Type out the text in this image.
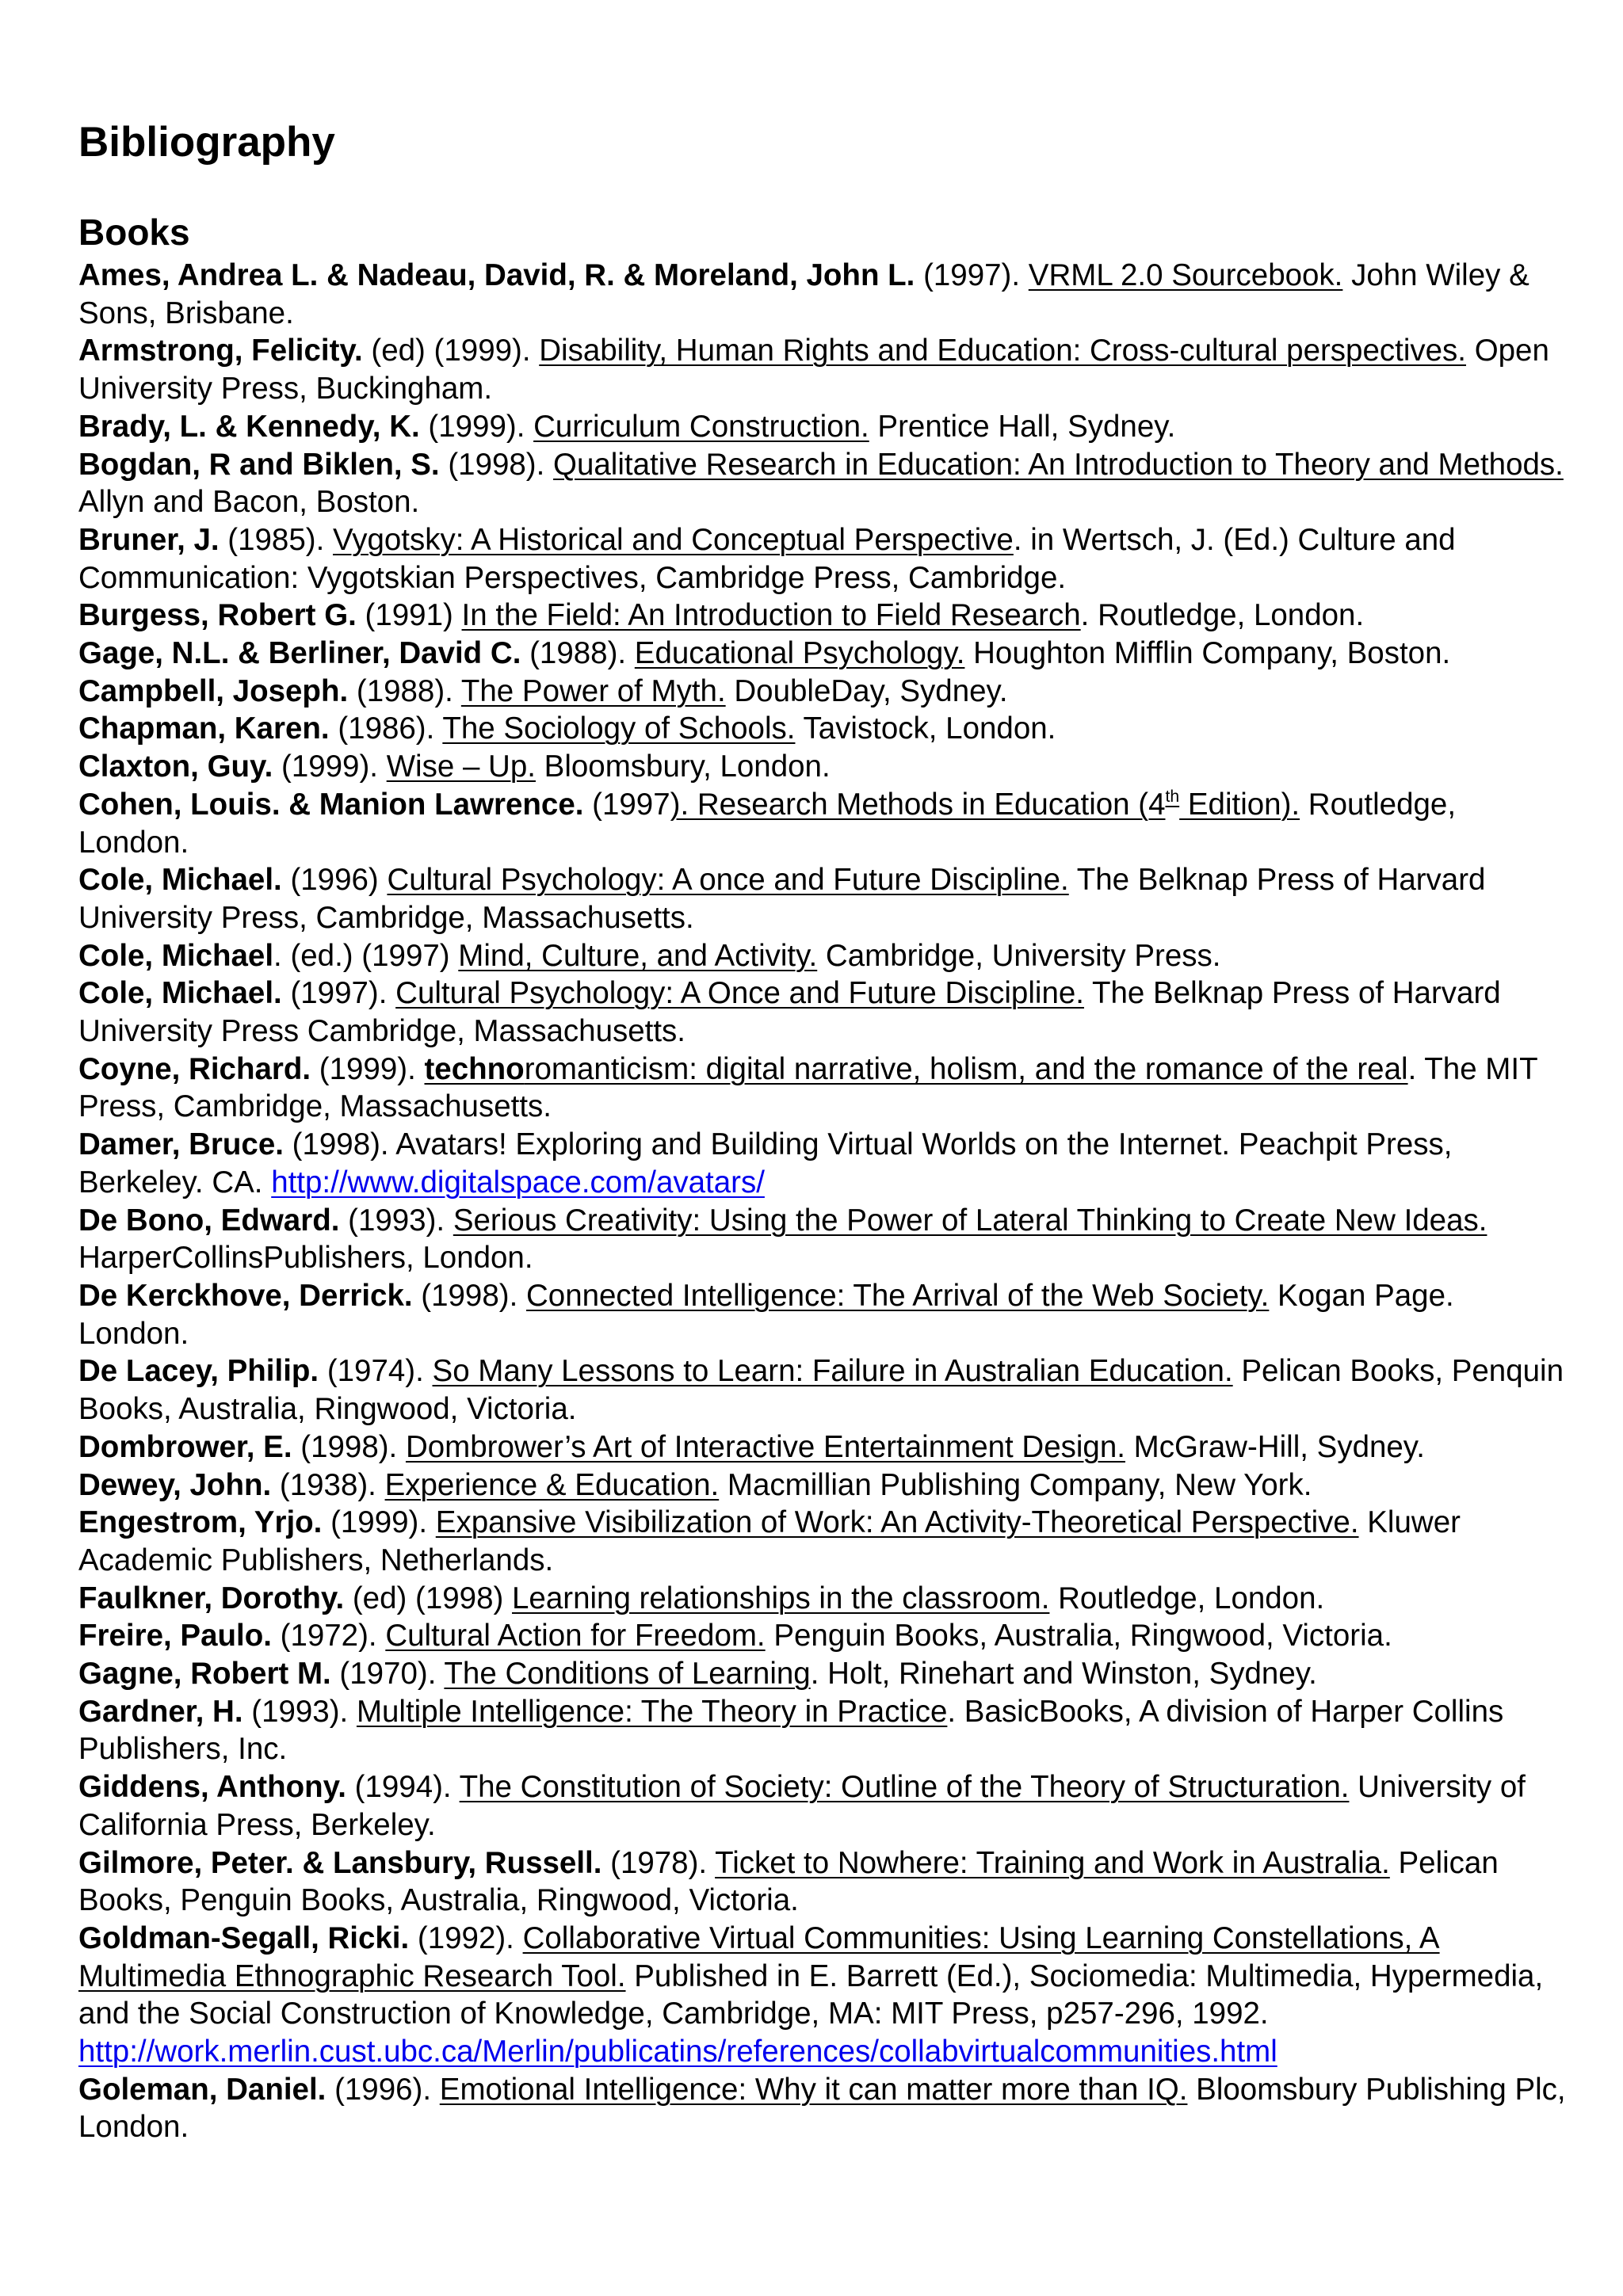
Bibliography
Books

Ames, Andrea L. & Nadeau, David, R. & Moreland, John L. (1997). VRML 2.0 Sourcebook. John Wiley & Sons, Brisbane.

Armstrong, Felicity. (ed) (1999). Disability, Human Rights and Education: Cross-cultural perspectives. Open University Press, Buckingham.

Brady, L. & Kennedy, K. (1999). Curriculum Construction. Prentice Hall, Sydney.

Bogdan, R and Biklen, S. (1998). Qualitative Research in Education: An Introduction to Theory and Methods. Allyn and Bacon, Boston.

Bruner, J. (1985). Vygotsky: A Historical and Conceptual Perspective. in Wertsch, J. (Ed.) Culture and Communication: Vygotskian Perspectives, Cambridge Press, Cambridge.

Burgess, Robert G. (1991) In the Field: An Introduction to Field Research. Routledge, London.

Gage, N.L. & Berliner, David C. (1988). Educational Psychology. Houghton Mifflin Company, Boston.

Campbell, Joseph. (1988). The Power of Myth. DoubleDay, Sydney.

Chapman, Karen. (1986). The Sociology of Schools. Tavistock, London.

Claxton, Guy. (1999). Wise – Up. Bloomsbury, London.

Cohen, Louis. & Manion Lawrence. (1997). Research Methods in Education (4th Edition). Routledge, London.

Cole, Michael. (1996) Cultural Psychology: A once and Future Discipline. The Belknap Press of Harvard University Press, Cambridge, Massachusetts.

Cole, Michael. (ed.) (1997) Mind, Culture, and Activity. Cambridge, University Press.

Cole, Michael. (1997). Cultural Psychology: A Once and Future Discipline. The Belknap Press of Harvard University Press Cambridge, Massachusetts.

Coyne, Richard. (1999). technoromanticism: digital narrative, holism, and the romance of the real. The MIT Press, Cambridge, Massachusetts.

Damer, Bruce. (1998). Avatars! Exploring and Building Virtual Worlds on the Internet. Peachpit Press, Berkeley. CA. http://www.digitalspace.com/avatars/

De Bono, Edward. (1993). Serious Creativity: Using the Power of Lateral Thinking to Create New Ideas. HarperCollinsPublishers, London.

De Kerckhove, Derrick. (1998). Connected Intelligence: The Arrival of the Web Society. Kogan Page. London.

De Lacey, Philip. (1974). So Many Lessons to Learn: Failure in Australian Education. Pelican Books, Penquin Books, Australia, Ringwood, Victoria.

Dombrower, E. (1998). Dombrower’s Art of Interactive Entertainment Design. McGraw-Hill, Sydney.

Dewey, John. (1938). Experience & Education. Macmillian Publishing Company, New York.

Engestrom, Yrjo. (1999). Expansive Visibilization of Work: An Activity-Theoretical Perspective. Kluwer Academic Publishers, Netherlands.

Faulkner, Dorothy. (ed) (1998) Learning relationships in the classroom. Routledge, London.

Freire, Paulo. (1972). Cultural Action for Freedom. Penguin Books, Australia, Ringwood, Victoria.

Gagne, Robert M. (1970). The Conditions of Learning. Holt, Rinehart and Winston, Sydney.

Gardner, H. (1993). Multiple Intelligence: The Theory in Practice. BasicBooks, A division of Harper Collins Publishers, Inc.

Giddens, Anthony. (1994). The Constitution of Society: Outline of the Theory of Structuration. University of California Press, Berkeley.

Gilmore, Peter. & Lansbury, Russell. (1978). Ticket to Nowhere: Training and Work in Australia. Pelican Books, Penguin Books, Australia, Ringwood, Victoria.

Goldman-Segall, Ricki. (1992). Collaborative Virtual Communities: Using Learning Constellations, A Multimedia Ethnographic Research Tool. Published in E. Barrett (Ed.), Sociomedia: Multimedia, Hypermedia, and the Social Construction of Knowledge, Cambridge, MA: MIT Press, p257-296, 1992. http://work.merlin.cust.ubc.ca/Merlin/publicatins/references/collabvirtualcommunities.html

Goleman, Daniel. (1996). Emotional Intelligence: Why it can matter more than IQ. Bloomsbury Publishing Plc, London.
